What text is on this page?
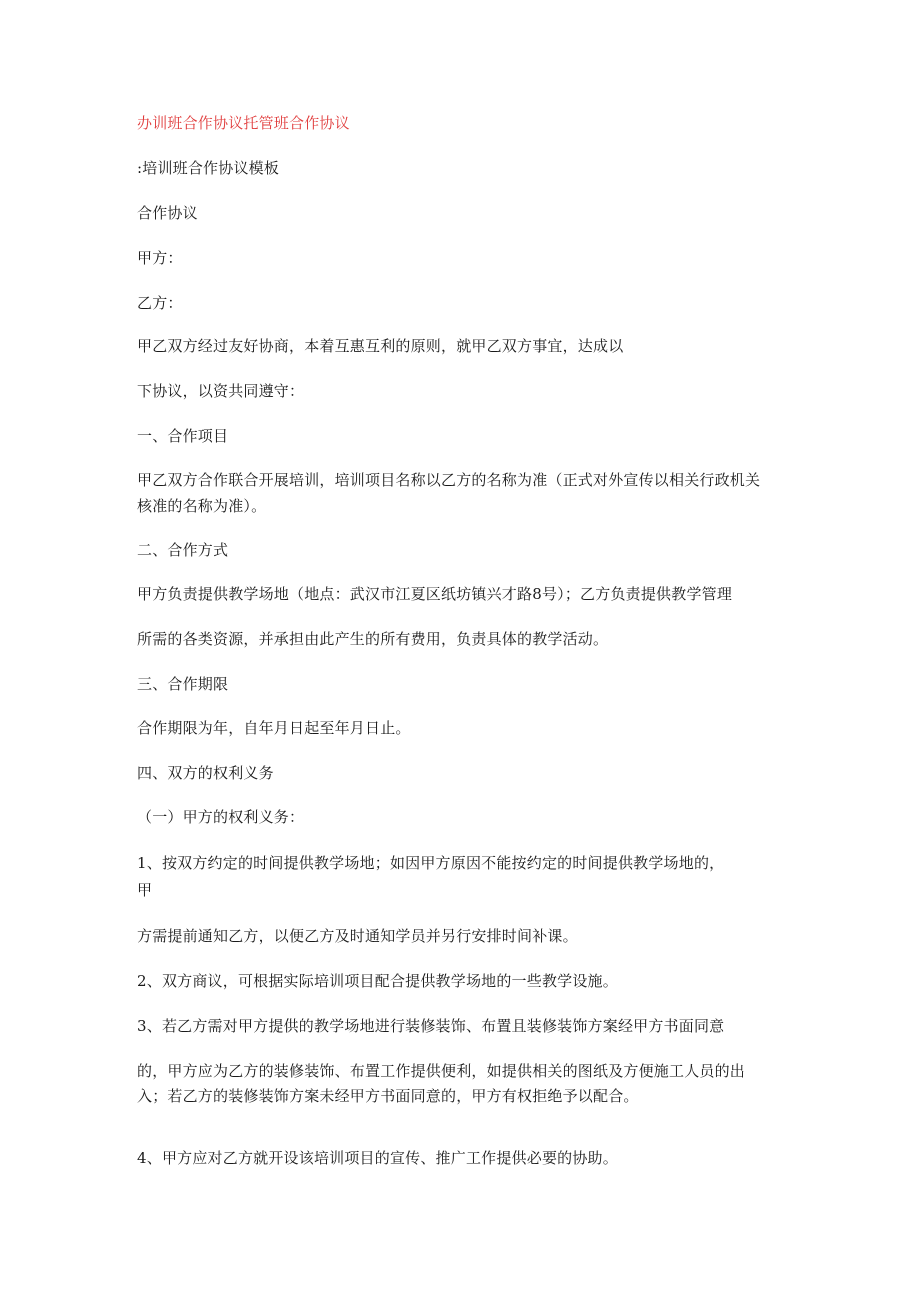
办训班合作协议托管班合作协议
:培训班合作协议模板
合作协议
甲方：
乙方：
甲乙双方经过友好协商，本着互惠互利的原则，就甲乙双方事宜，达成以
下协议，以资共同遵守：
一、合作项目
甲乙双方合作联合开展培训，培训项目名称以乙方的名称为准（正式对外宣传以相关行政机关
核准的名称为准）。
二、合作方式
甲方负责提供教学场地（地点：武汉市江夏区纸坊镇兴才路8号）；乙方负责提供教学管理
所需的各类资源，并承担由此产生的所有费用，负责具体的教学活动。
三、合作期限
合作期限为年，自年月日起至年月日止。
四、双方的权利义务
（一）甲方的权利义务：
1、按双方约定的时间提供教学场地；如因甲方原因不能按约定的时间提供教学场地的，
甲
方需提前通知乙方，以便乙方及时通知学员并另行安排时间补课。
2、双方商议，可根据实际培训项目配合提供教学场地的一些教学设施。
3、若乙方需对甲方提供的教学场地进行装修装饰、布置且装修装饰方案经甲方书面同意
的，甲方应为乙方的装修装饰、布置工作提供便利，如提供相关的图纸及方便施工人员的出
入；若乙方的装修装饰方案未经甲方书面同意的，甲方有权拒绝予以配合。
4、甲方应对乙方就开设该培训项目的宣传、推广工作提供必要的协助。
